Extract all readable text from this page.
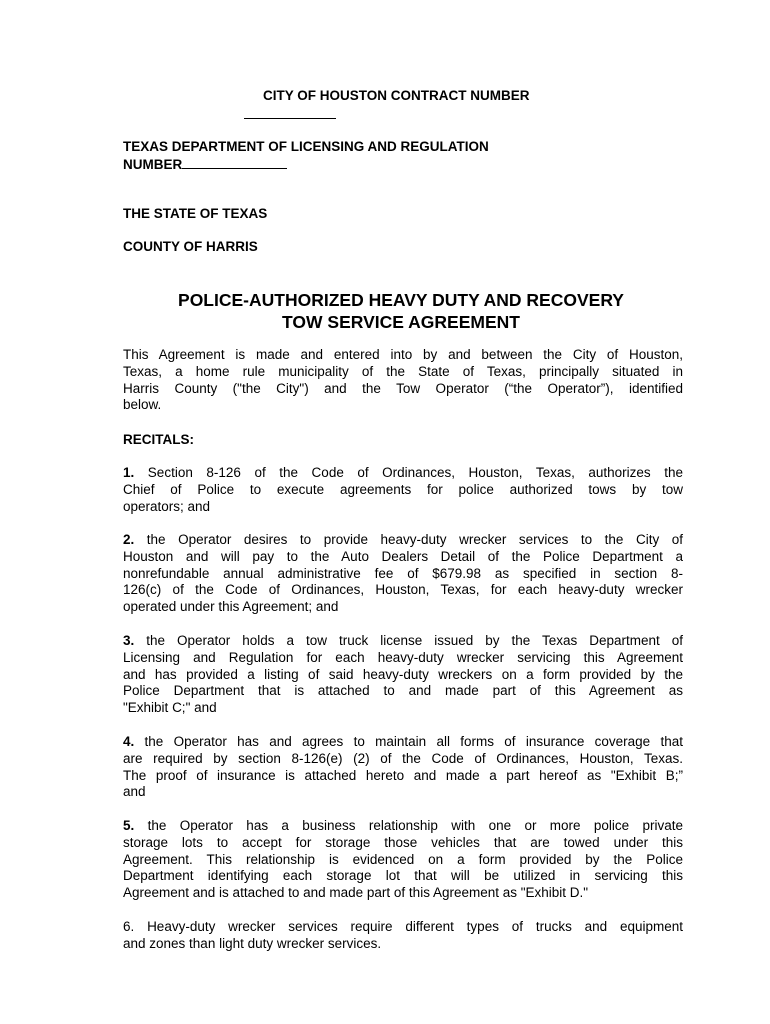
CITY OF HOUSTON CONTRACT NUMBER
TEXAS DEPARTMENT OF LICENSING AND REGULATION
NUMBER
THE STATE OF TEXAS
COUNTY OF HARRIS
POLICE-AUTHORIZED HEAVY DUTY AND RECOVERY
TOW SERVICE AGREEMENT
This Agreement is made and entered into by and between the City of Houston,
Texas, a home rule municipality of the State of Texas, principally situated in
Harris County ("the City") and the Tow Operator (“the Operator”), identified
below.
RECITALS:
1. Section 8-126 of the Code of Ordinances, Houston, Texas, authorizes the
Chief of Police to execute agreements for police authorized tows by tow
operators; and
2. the Operator desires to provide heavy-duty wrecker services to the City of
Houston and will pay to the Auto Dealers Detail of the Police Department a
nonrefundable annual administrative fee of $679.98 as specified in section 8-
126(c) of the Code of Ordinances, Houston, Texas, for each heavy-duty wrecker
operated under this Agreement; and
3. the Operator holds a tow truck license issued by the Texas Department of
Licensing and Regulation for each heavy-duty wrecker servicing this Agreement
and has provided a listing of said heavy-duty wreckers on a form provided by the
Police Department that is attached to and made part of this Agreement as
"Exhibit C;" and
4. the Operator has and agrees to maintain all forms of insurance coverage that
are required by section 8-126(e) (2) of the Code of Ordinances, Houston, Texas.
The proof of insurance is attached hereto and made a part hereof as "Exhibit B;”
and
5. the Operator has a business relationship with one or more police private
storage lots to accept for storage those vehicles that are towed under this
Agreement. This relationship is evidenced on a form provided by the Police
Department identifying each storage lot that will be utilized in servicing this
Agreement and is attached to and made part of this Agreement as "Exhibit D."
6. Heavy-duty wrecker services require different types of trucks and equipment
and zones than light duty wrecker services.
